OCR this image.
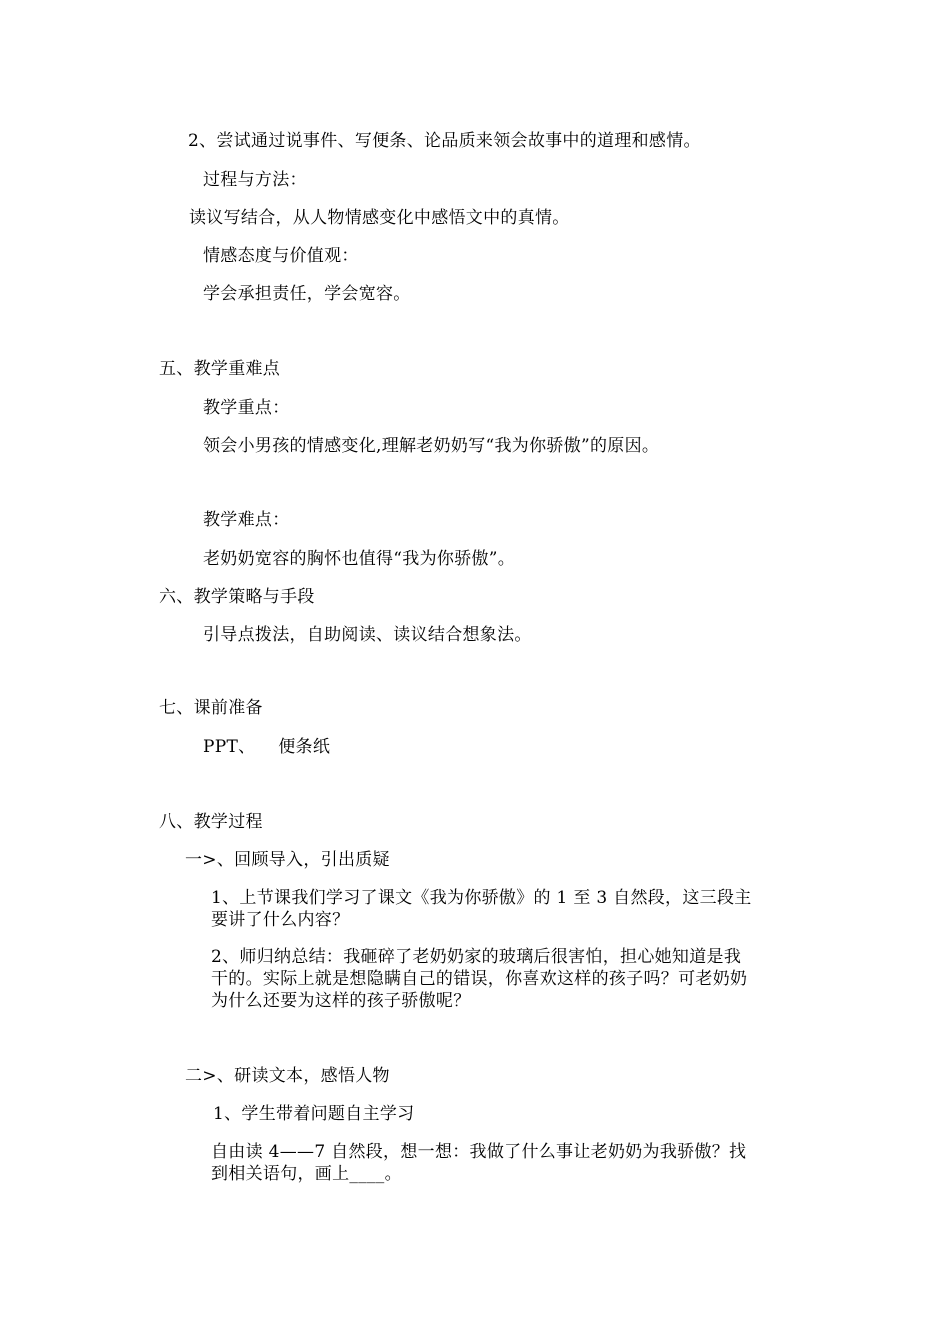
2、尝试通过说事件、写便条、论品质来领会故事中的道理和感情。
过程与方法：
读议写结合，从人物情感变化中感悟文中的真情。
情感态度与价值观：
学会承担责任，学会宽容。
五、教学重难点
教学重点：
领会小男孩的情感变化,理解老奶奶写“我为你骄傲”的原因。
教学难点：
老奶奶宽容的胸怀也值得“我为你骄傲”。
六、教学策略与手段
引导点拨法，自助阅读、读议结合想象法。
七、课前准备
PPT、    便条纸
八、教学过程
一>、回顾导入，引出质疑
1、上节课我们学习了课文《我为你骄傲》的 1 至 3 自然段，这三段主
要讲了什么内容？
2、师归纳总结：我砸碎了老奶奶家的玻璃后很害怕，担心她知道是我
干的。实际上就是想隐瞒自己的错误，你喜欢这样的孩子吗？可老奶奶
为什么还要为这样的孩子骄傲呢？
二>、研读文本，感悟人物
1、学生带着问题自主学习
自由读 4——7 自然段，想一想：我做了什么事让老奶奶为我骄傲？找
到相关语句，画上____。
